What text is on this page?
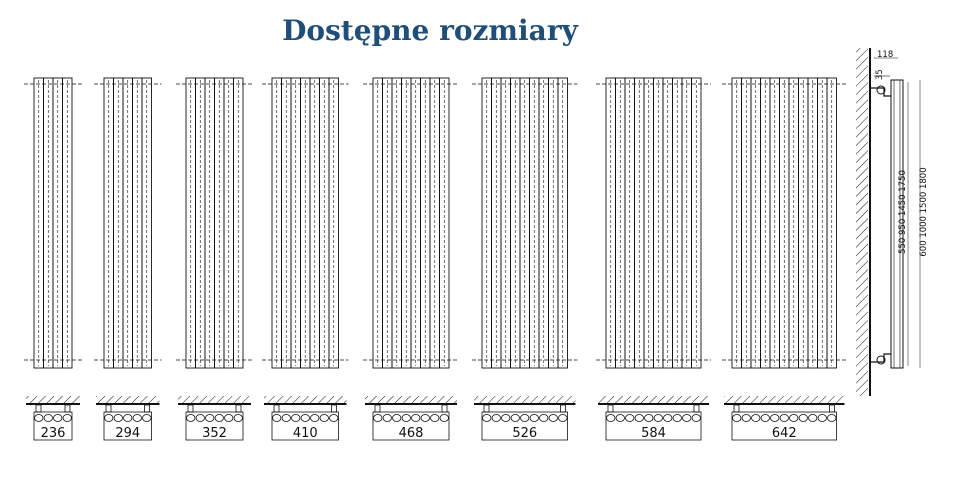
Dostępne rozmiary
236	294	352	410	468	526	584	642
118
35
550 950 1450 1750 600 1000 1500 1800
